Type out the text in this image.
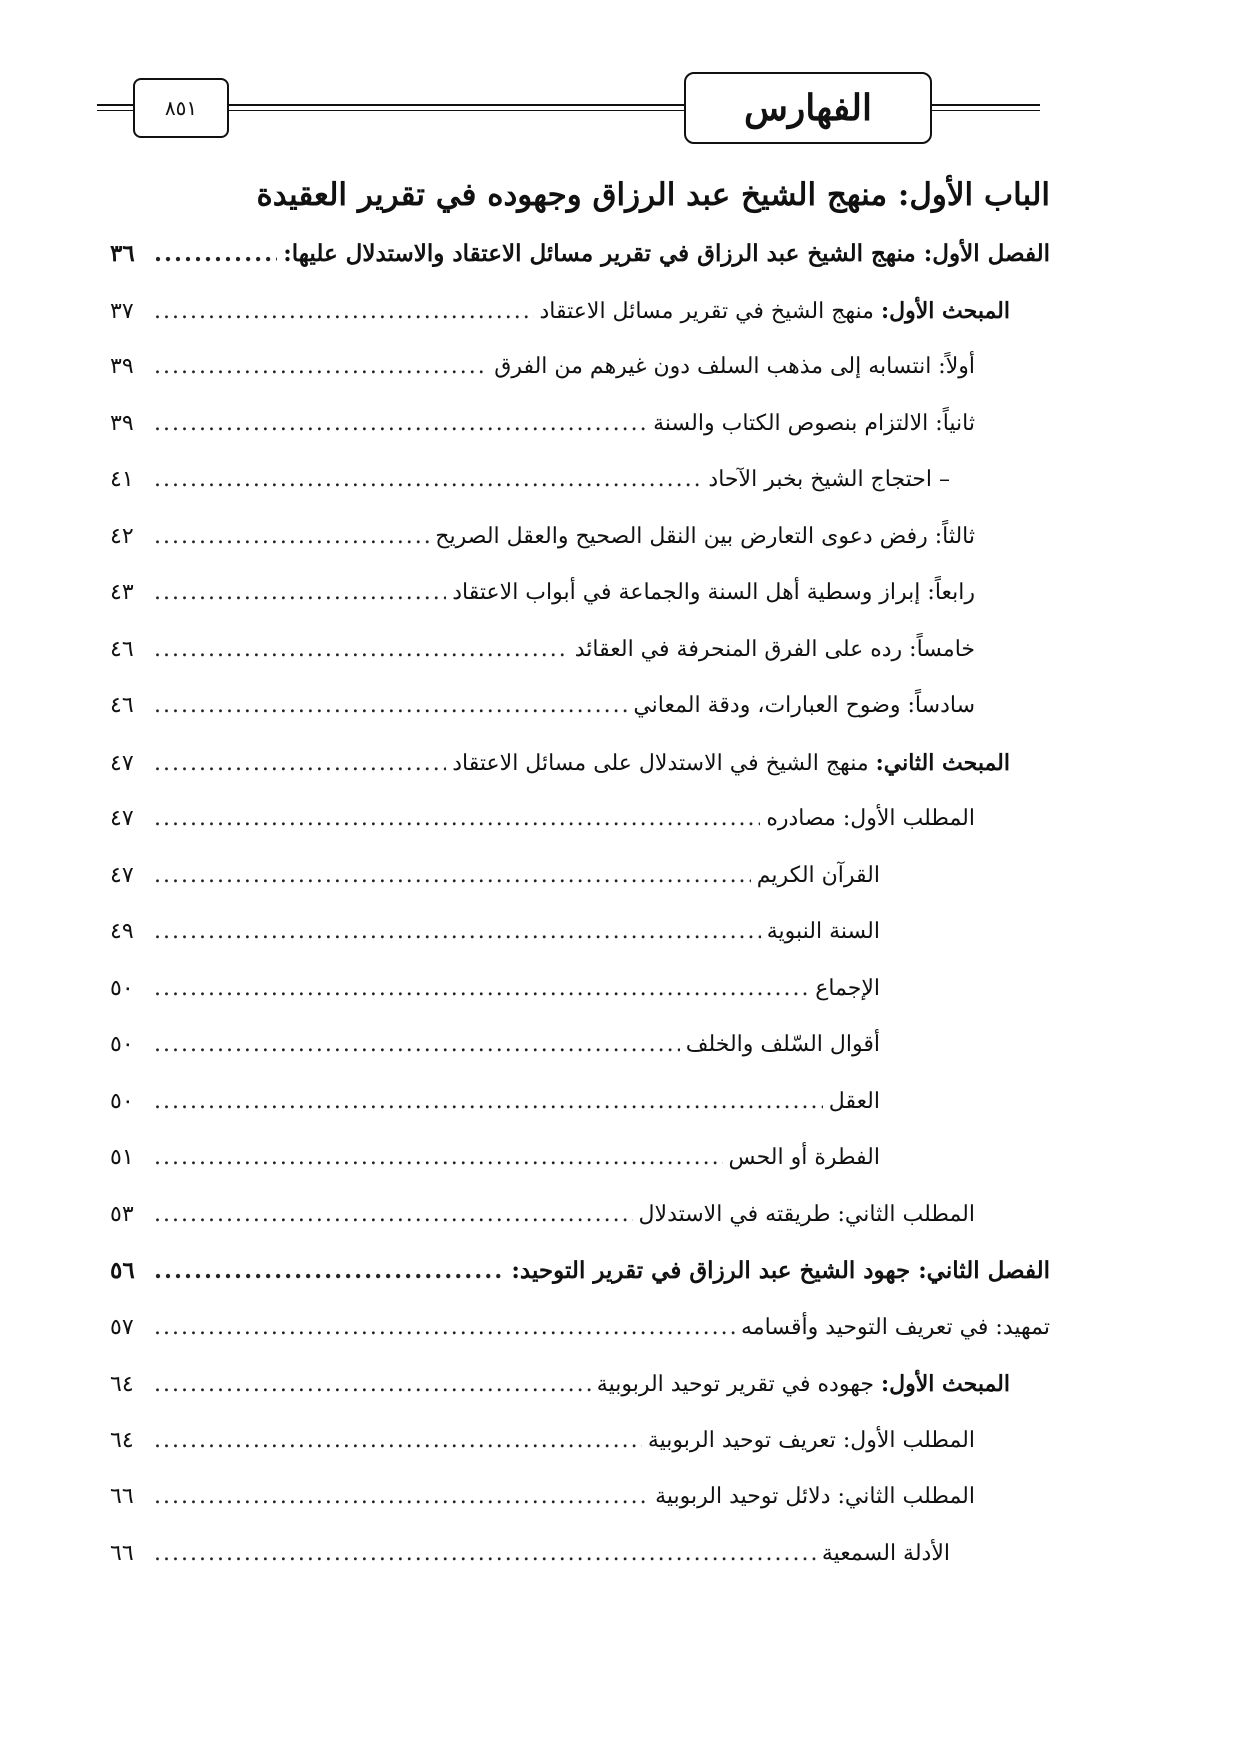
٨٥١	الفهارس
الباب الأول: منهج الشيخ عبد الرزاق وجهوده في تقرير العقيدة
الفصل الأول: منهج الشيخ عبد الرزاق في تقرير مسائل الاعتقاد والاستدلال عليها:
.....
٣٦
المبحث الأول: منهج الشيخ في تقرير مسائل الاعتقاد
.....
٣٧
أولاً: انتسابه إلى مذهب السلف دون غيرهم من الفرق
.....
٣٩
ثانياً: الالتزام بنصوص الكتاب والسنة
.....
٣٩
– احتجاج الشيخ بخبر الآحاد
.....
٤١
ثالثاً: رفض دعوى التعارض بين النقل الصحيح والعقل الصريح
.....
٤٢
رابعاً: إبراز وسطية أهل السنة والجماعة في أبواب الاعتقاد
.....
٤٣
خامساً: رده على الفرق المنحرفة في العقائد
.....
٤٦
سادساً: وضوح العبارات، ودقة المعاني
.....
٤٦
المبحث الثاني: منهج الشيخ في الاستدلال على مسائل الاعتقاد
.....
٤٧
المطلب الأول: مصادره
.....
٤٧
القرآن الكريم
.....
٤٧
السنة النبوية
.....
٤٩
الإجماع
.....
٥٠
أقوال السّلف والخلف
.....
٥٠
العقل
.....
٥٠
الفطرة أو الحس
.....
٥١
المطلب الثاني: طريقته في الاستدلال
.....
٥٣
الفصل الثاني: جهود الشيخ عبد الرزاق في تقرير التوحيد:
.....
٥٦
تمهيد: في تعريف التوحيد وأقسامه
.....
٥٧
المبحث الأول: جهوده في تقرير توحيد الربوبية
.....
٦٤
المطلب الأول: تعريف توحيد الربوبية
.....
٦٤
المطلب الثاني: دلائل توحيد الربوبية
.....
٦٦
الأدلة السمعية
.....
٦٦
